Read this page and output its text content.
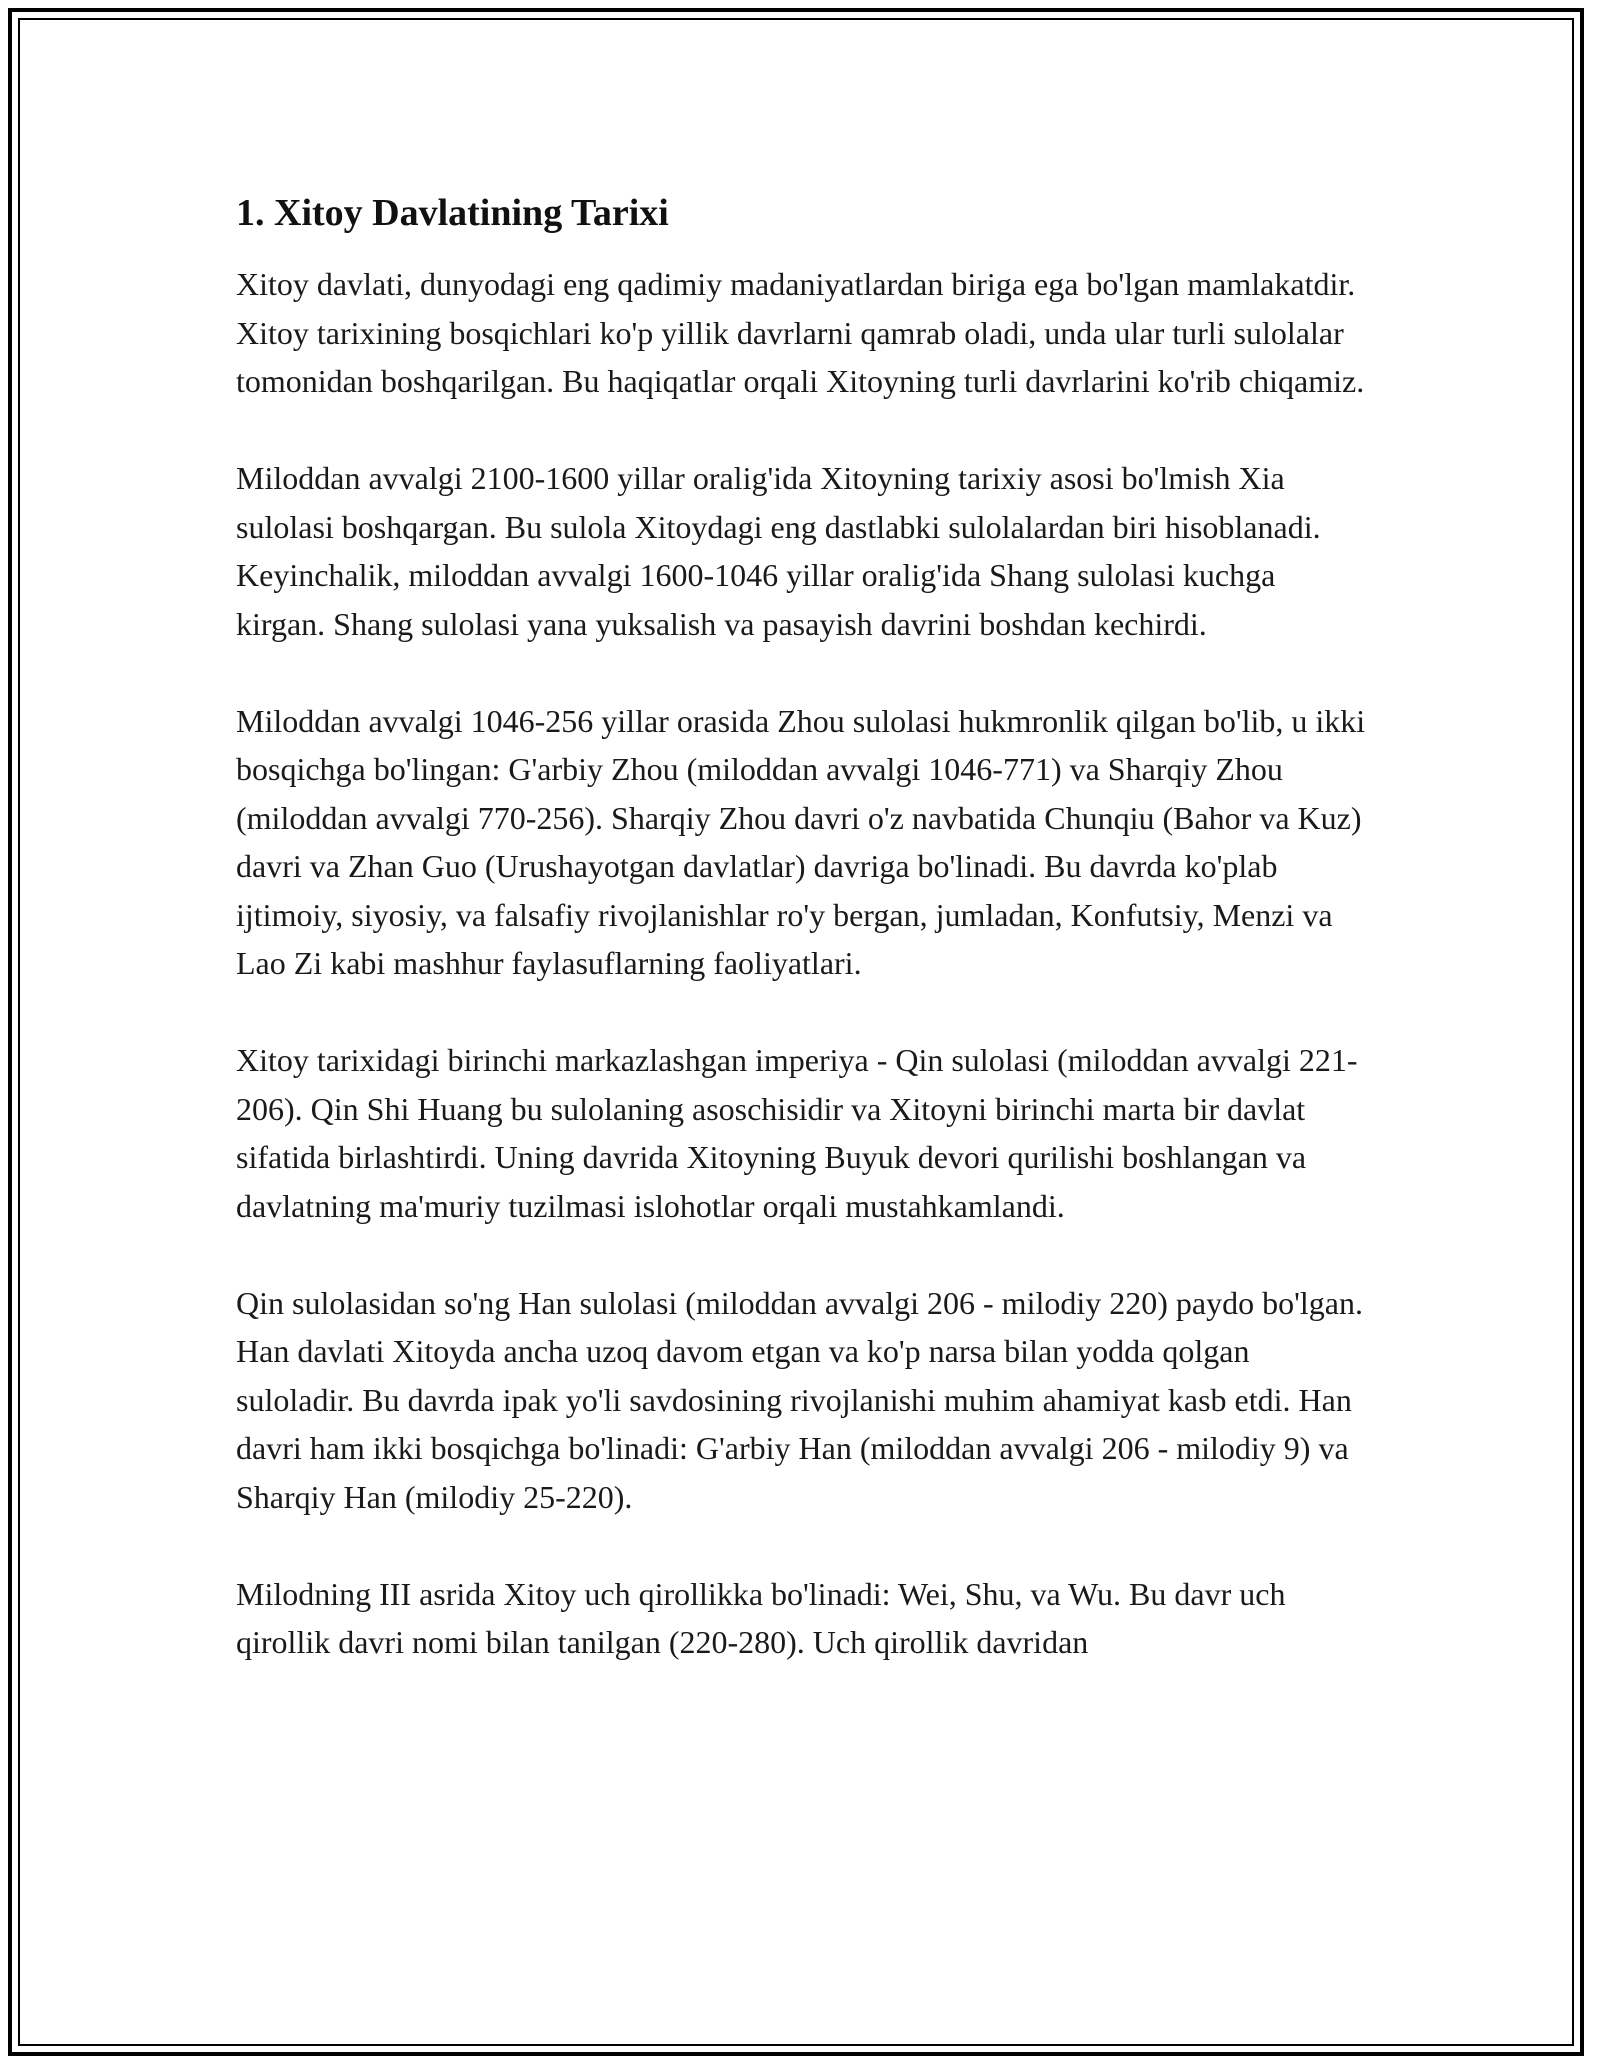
1. Xitoy Davlatining Tarixi

Xitoy davlati, dunyodagi eng qadimiy madaniyatlardan biriga ega bo'lgan mamlakatdir. Xitoy tarixining bosqichlari ko'p yillik davrlarni qamrab oladi, unda ular turli sulolalar tomonidan boshqarilgan. Bu haqiqatlar orqali Xitoyning turli davrlarini ko'rib chiqamiz.

Miloddan avvalgi 2100-1600 yillar oralig'ida Xitoyning tarixiy asosi bo'lmish Xia sulolasi boshqargan. Bu sulola Xitoydagi eng dastlabki sulolalardan biri hisoblanadi. Keyinchalik, miloddan avvalgi 1600-1046 yillar oralig'ida Shang sulolasi kuchga kirgan. Shang sulolasi yana yuksalish va pasayish davrini boshdan kechirdi.

Miloddan avvalgi 1046-256 yillar orasida Zhou sulolasi hukmronlik qilgan bo'lib, u ikki bosqichga bo'lingan: G'arbiy Zhou (miloddan avvalgi 1046-771) va Sharqiy Zhou (miloddan avvalgi 770-256). Sharqiy Zhou davri o'z navbatida Chunqiu (Bahor va Kuz) davri va Zhan Guo (Urushayotgan davlatlar) davriga bo'linadi. Bu davrda ko'plab ijtimoiy, siyosiy, va falsafiy rivojlanishlar ro'y bergan, jumladan, Konfutsiy, Menzi va Lao Zi kabi mashhur faylasuflarning faoliyatlari.

Xitoy tarixidagi birinchi markazlashgan imperiya - Qin sulolasi (miloddan avvalgi 221-206). Qin Shi Huang bu sulolaning asoschisidir va Xitoyni birinchi marta bir davlat sifatida birlashtirdi. Uning davrida Xitoyning Buyuk devori qurilishi boshlangan va davlatning ma'muriy tuzilmasi islohotlar orqali mustahkamlandi.

Qin sulolasidan so'ng Han sulolasi (miloddan avvalgi 206 - milodiy 220) paydo bo'lgan. Han davlati Xitoyda ancha uzoq davom etgan va ko'p narsa bilan yodda qolgan suloladir. Bu davrda ipak yo'li savdosining rivojlanishi muhim ahamiyat kasb etdi. Han davri ham ikki bosqichga bo'linadi: G'arbiy Han (miloddan avvalgi 206 - milodiy 9) va Sharqiy Han (milodiy 25-220).

Milodning III asrida Xitoy uch qirollikka bo'linadi: Wei, Shu, va Wu. Bu davr uch qirollik davri nomi bilan tanilgan (220-280). Uch qirollik davridan
